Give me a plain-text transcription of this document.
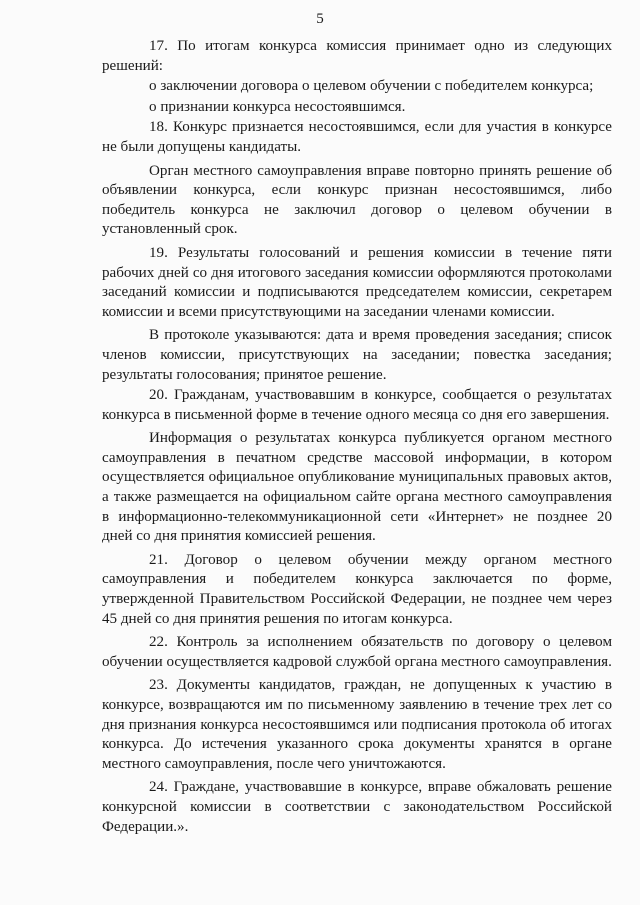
5

17. По итогам конкурса комиссия принимает одно из следующих решений:

о заключении договора о целевом обучении с победителем конкурса;

о признании конкурса несостоявшимся.

18. Конкурс признается несостоявшимся, если для участия в конкурсе не были допущены кандидаты.

Орган местного самоуправления вправе повторно принять решение об объявлении конкурса, если конкурс признан несостоявшимся, либо победитель конкурса не заключил договор о целевом обучении в установленный срок.

19. Результаты голосований и решения комиссии в течение пяти рабочих дней со дня итогового заседания комиссии оформляются протоколами заседаний комиссии и подписываются председателем комиссии, секретарем комиссии и всеми присутствующими на заседании членами комиссии.

В протоколе указываются: дата и время проведения заседания; список членов комиссии, присутствующих на заседании; повестка заседания; результаты голосования; принятое решение.

20. Гражданам, участвовавшим в конкурсе, сообщается о результатах конкурса в письменной форме в течение одного месяца со дня его завершения.

Информация о результатах конкурса публикуется органом местного самоуправления в печатном средстве массовой информации, в котором осуществляется официальное опубликование муниципальных правовых актов, а также размещается на официальном сайте органа местного самоуправления в информационно-телекоммуникационной сети «Интернет» не позднее 20 дней со дня принятия комиссией решения.

21. Договор о целевом обучении между органом местного самоуправления и победителем конкурса заключается по форме, утвержденной Правительством Российской Федерации, не позднее чем через 45 дней со дня принятия решения по итогам конкурса.

22. Контроль за исполнением обязательств по договору о целевом обучении осуществляется кадровой службой органа местного самоуправления.

23. Документы кандидатов, граждан, не допущенных к участию в конкурсе, возвращаются им по письменному заявлению в течение трех лет со дня признания конкурса несостоявшимся или подписания протокола об итогах конкурса. До истечения указанного срока документы хранятся в органе местного самоуправления, после чего уничтожаются.

24. Граждане, участвовавшие в конкурсе, вправе обжаловать решение конкурсной комиссии в соответствии с законодательством Российской Федерации.».
